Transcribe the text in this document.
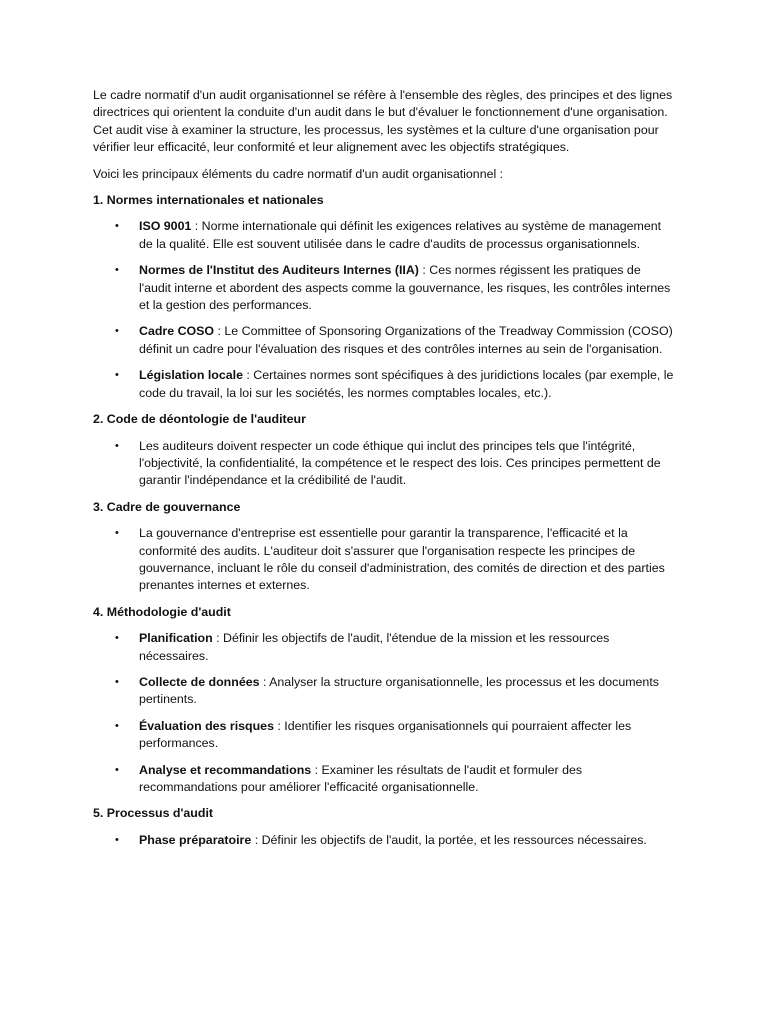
Le cadre normatif d'un audit organisationnel se réfère à l'ensemble des règles, des principes et des lignes directrices qui orientent la conduite d'un audit dans le but d'évaluer le fonctionnement d'une organisation. Cet audit vise à examiner la structure, les processus, les systèmes et la culture d'une organisation pour vérifier leur efficacité, leur conformité et leur alignement avec les objectifs stratégiques.

Voici les principaux éléments du cadre normatif d'un audit organisationnel :

1. Normes internationales et nationales
• ISO 9001 : Norme internationale qui définit les exigences relatives au système de management de la qualité. Elle est souvent utilisée dans le cadre d'audits de processus organisationnels.
• Normes de l'Institut des Auditeurs Internes (IIA) : Ces normes régissent les pratiques de l'audit interne et abordent des aspects comme la gouvernance, les risques, les contrôles internes et la gestion des performances.
• Cadre COSO : Le Committee of Sponsoring Organizations of the Treadway Commission (COSO) définit un cadre pour l'évaluation des risques et des contrôles internes au sein de l'organisation.
• Législation locale : Certaines normes sont spécifiques à des juridictions locales (par exemple, le code du travail, la loi sur les sociétés, les normes comptables locales, etc.).
2. Code de déontologie de l'auditeur
• Les auditeurs doivent respecter un code éthique qui inclut des principes tels que l'intégrité, l'objectivité, la confidentialité, la compétence et le respect des lois. Ces principes permettent de garantir l'indépendance et la crédibilité de l'audit.
3. Cadre de gouvernance
• La gouvernance d'entreprise est essentielle pour garantir la transparence, l'efficacité et la conformité des audits. L'auditeur doit s'assurer que l'organisation respecte les principes de gouvernance, incluant le rôle du conseil d'administration, des comités de direction et des parties prenantes internes et externes.
4. Méthodologie d'audit
• Planification : Définir les objectifs de l'audit, l'étendue de la mission et les ressources nécessaires.
• Collecte de données : Analyser la structure organisationnelle, les processus et les documents pertinents.
• Évaluation des risques : Identifier les risques organisationnels qui pourraient affecter les performances.
• Analyse et recommandations : Examiner les résultats de l'audit et formuler des recommandations pour améliorer l'efficacité organisationnelle.
5. Processus d'audit
• Phase préparatoire : Définir les objectifs de l'audit, la portée, et les ressources nécessaires.
